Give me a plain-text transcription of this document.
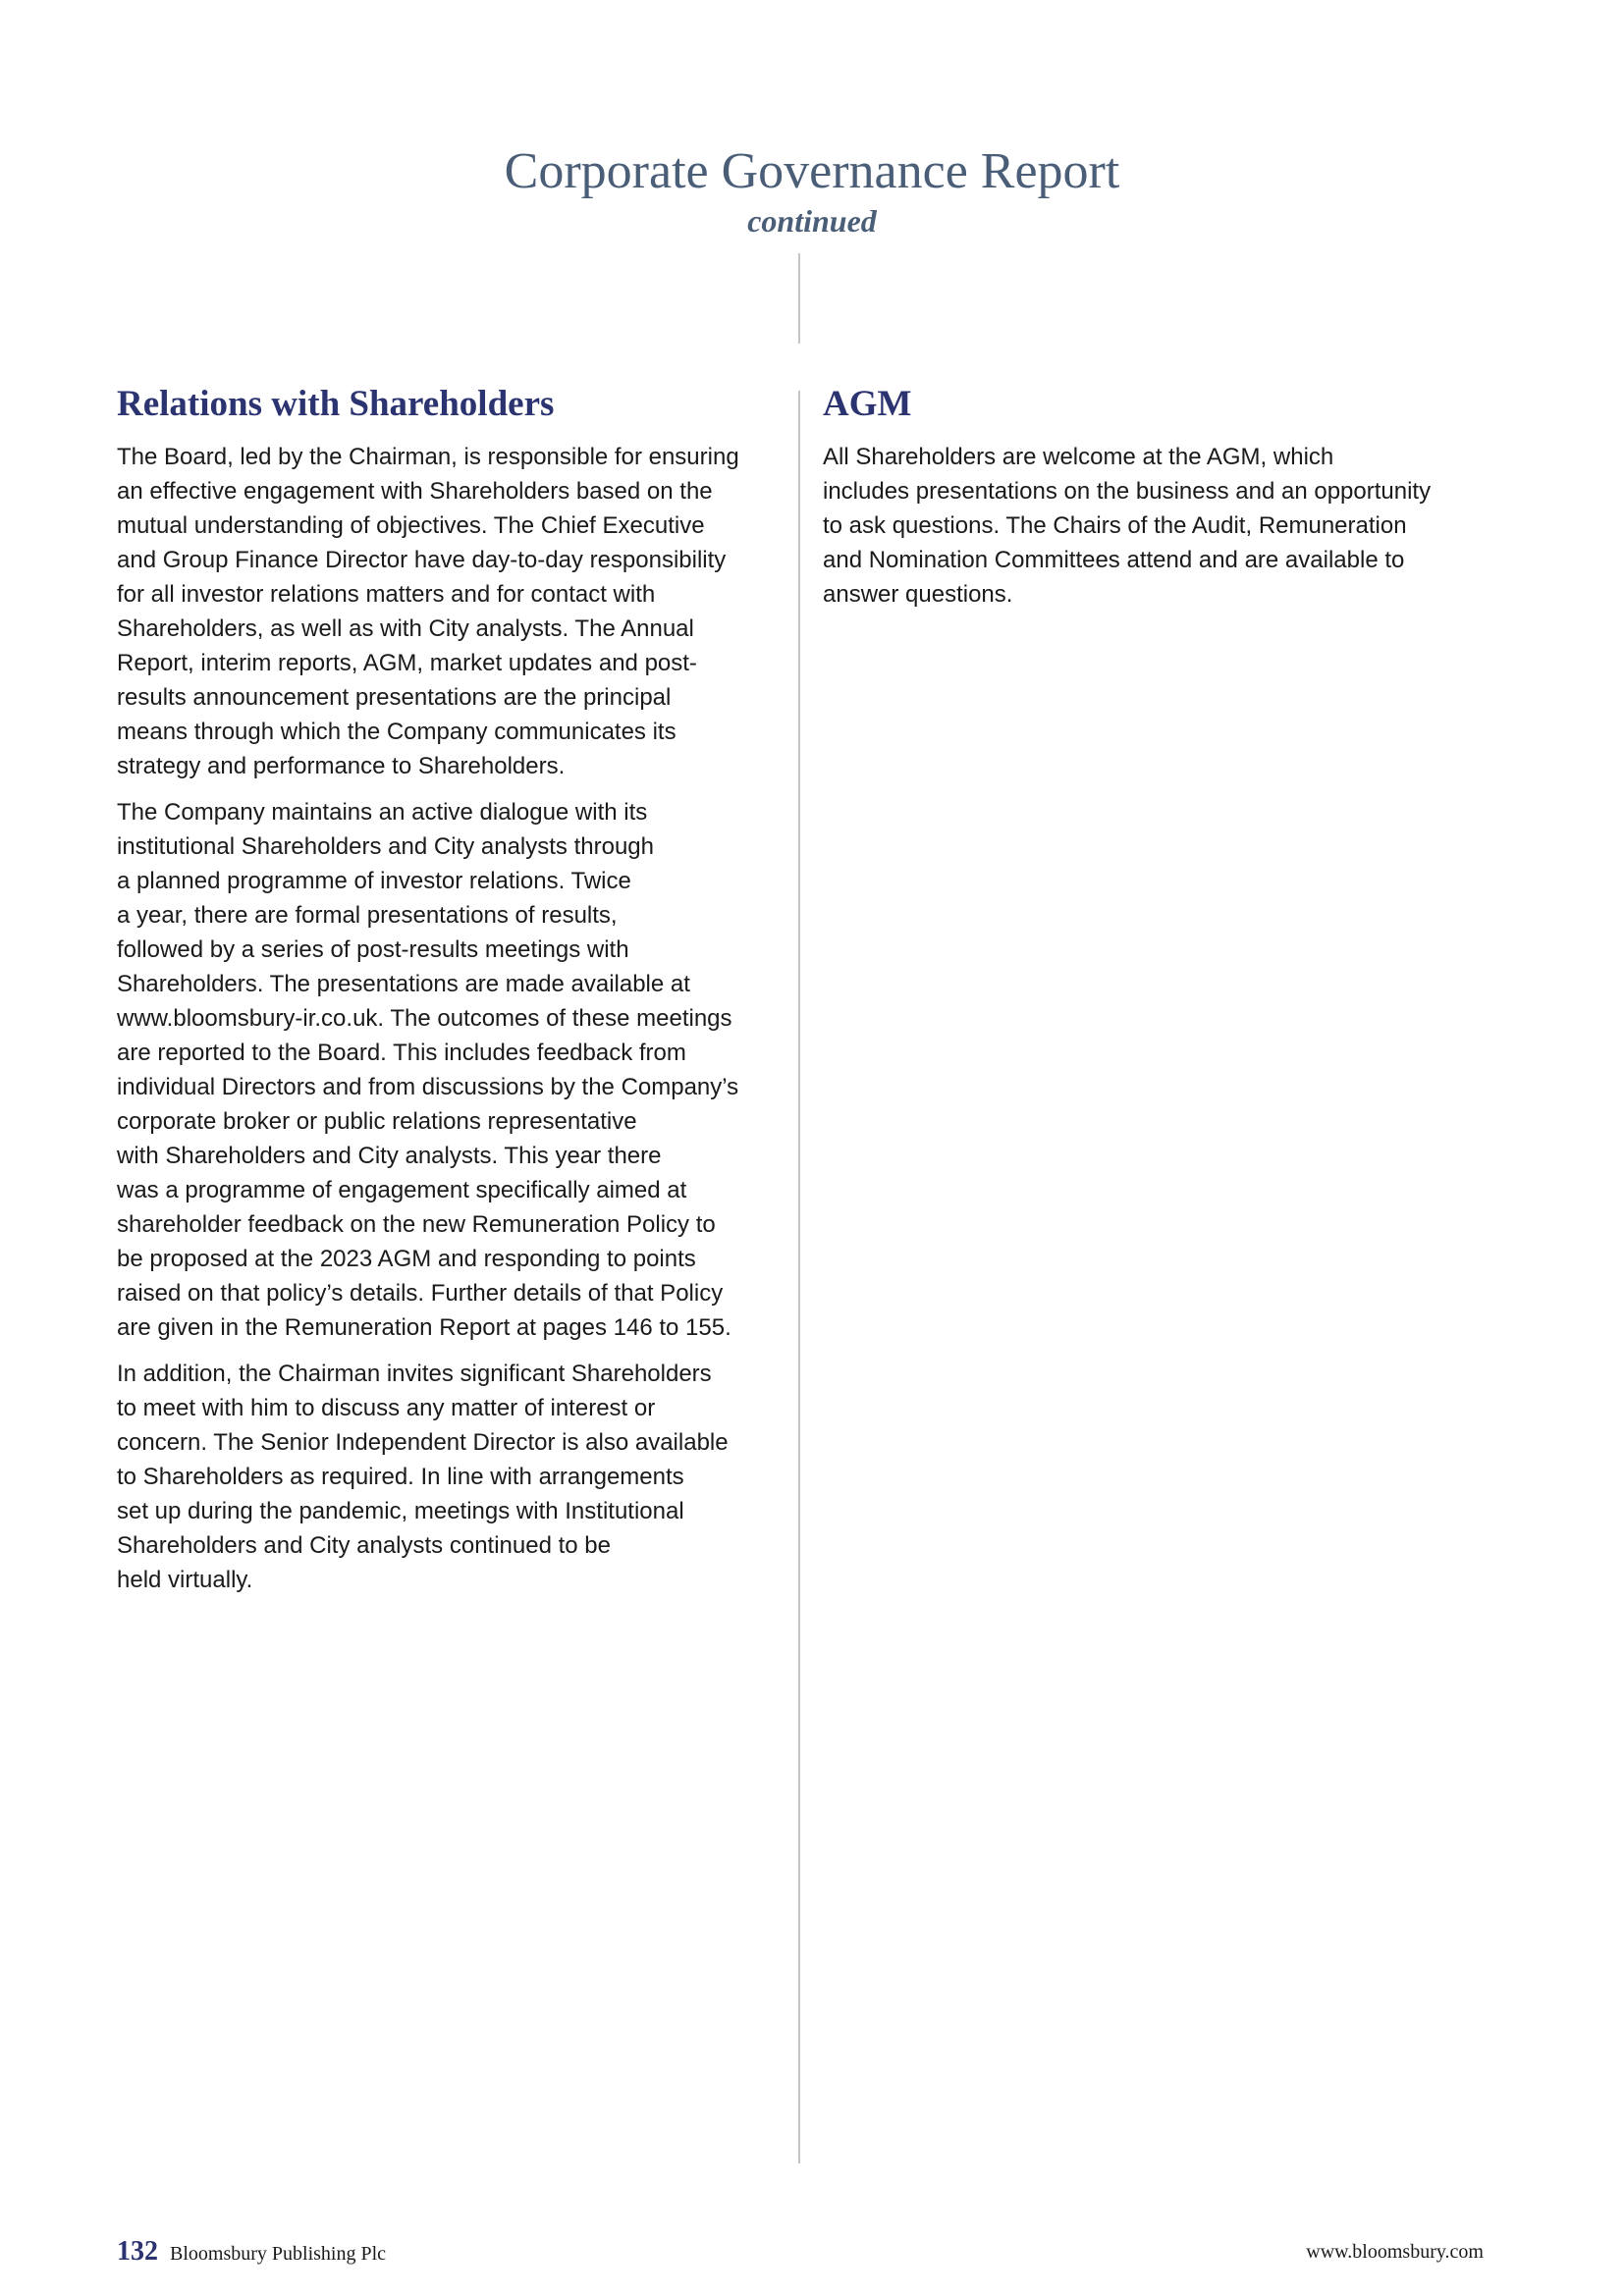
Corporate Governance Report
continued
Relations with Shareholders

The Board, led by the Chairman, is responsible for ensuring
an effective engagement with Shareholders based on the
mutual understanding of objectives. The Chief Executive
and Group Finance Director have day-to-day responsibility
for all investor relations matters and for contact with
Shareholders, as well as with City analysts. The Annual
Report, interim reports, AGM, market updates and post-
results announcement presentations are the principal
means through which the Company communicates its
strategy and performance to Shareholders.

The Company maintains an active dialogue with its
institutional Shareholders and City analysts through
a planned programme of investor relations. Twice
a year, there are formal presentations of results,
followed by a series of post-results meetings with
Shareholders. The presentations are made available at
www.bloomsbury-ir.co.uk. The outcomes of these meetings
are reported to the Board. This includes feedback from
individual Directors and from discussions by the Company’s
corporate broker or public relations representative
with Shareholders and City analysts. This year there
was a programme of engagement specifically aimed at
shareholder feedback on the new Remuneration Policy to
be proposed at the 2023 AGM and responding to points
raised on that policy’s details. Further details of that Policy
are given in the Remuneration Report at pages 146 to 155.

In addition, the Chairman invites significant Shareholders
to meet with him to discuss any matter of interest or
concern. The Senior Independent Director is also available
to Shareholders as required. In line with arrangements
set up during the pandemic, meetings with Institutional
Shareholders and City analysts continued to be
held virtually.

AGM

All Shareholders are welcome at the AGM, which
includes presentations on the business and an opportunity
to ask questions. The Chairs of the Audit, Remuneration
and Nomination Committees attend and are available to
answer questions.

132 Bloomsbury Publishing Plc	www.bloomsbury.com
